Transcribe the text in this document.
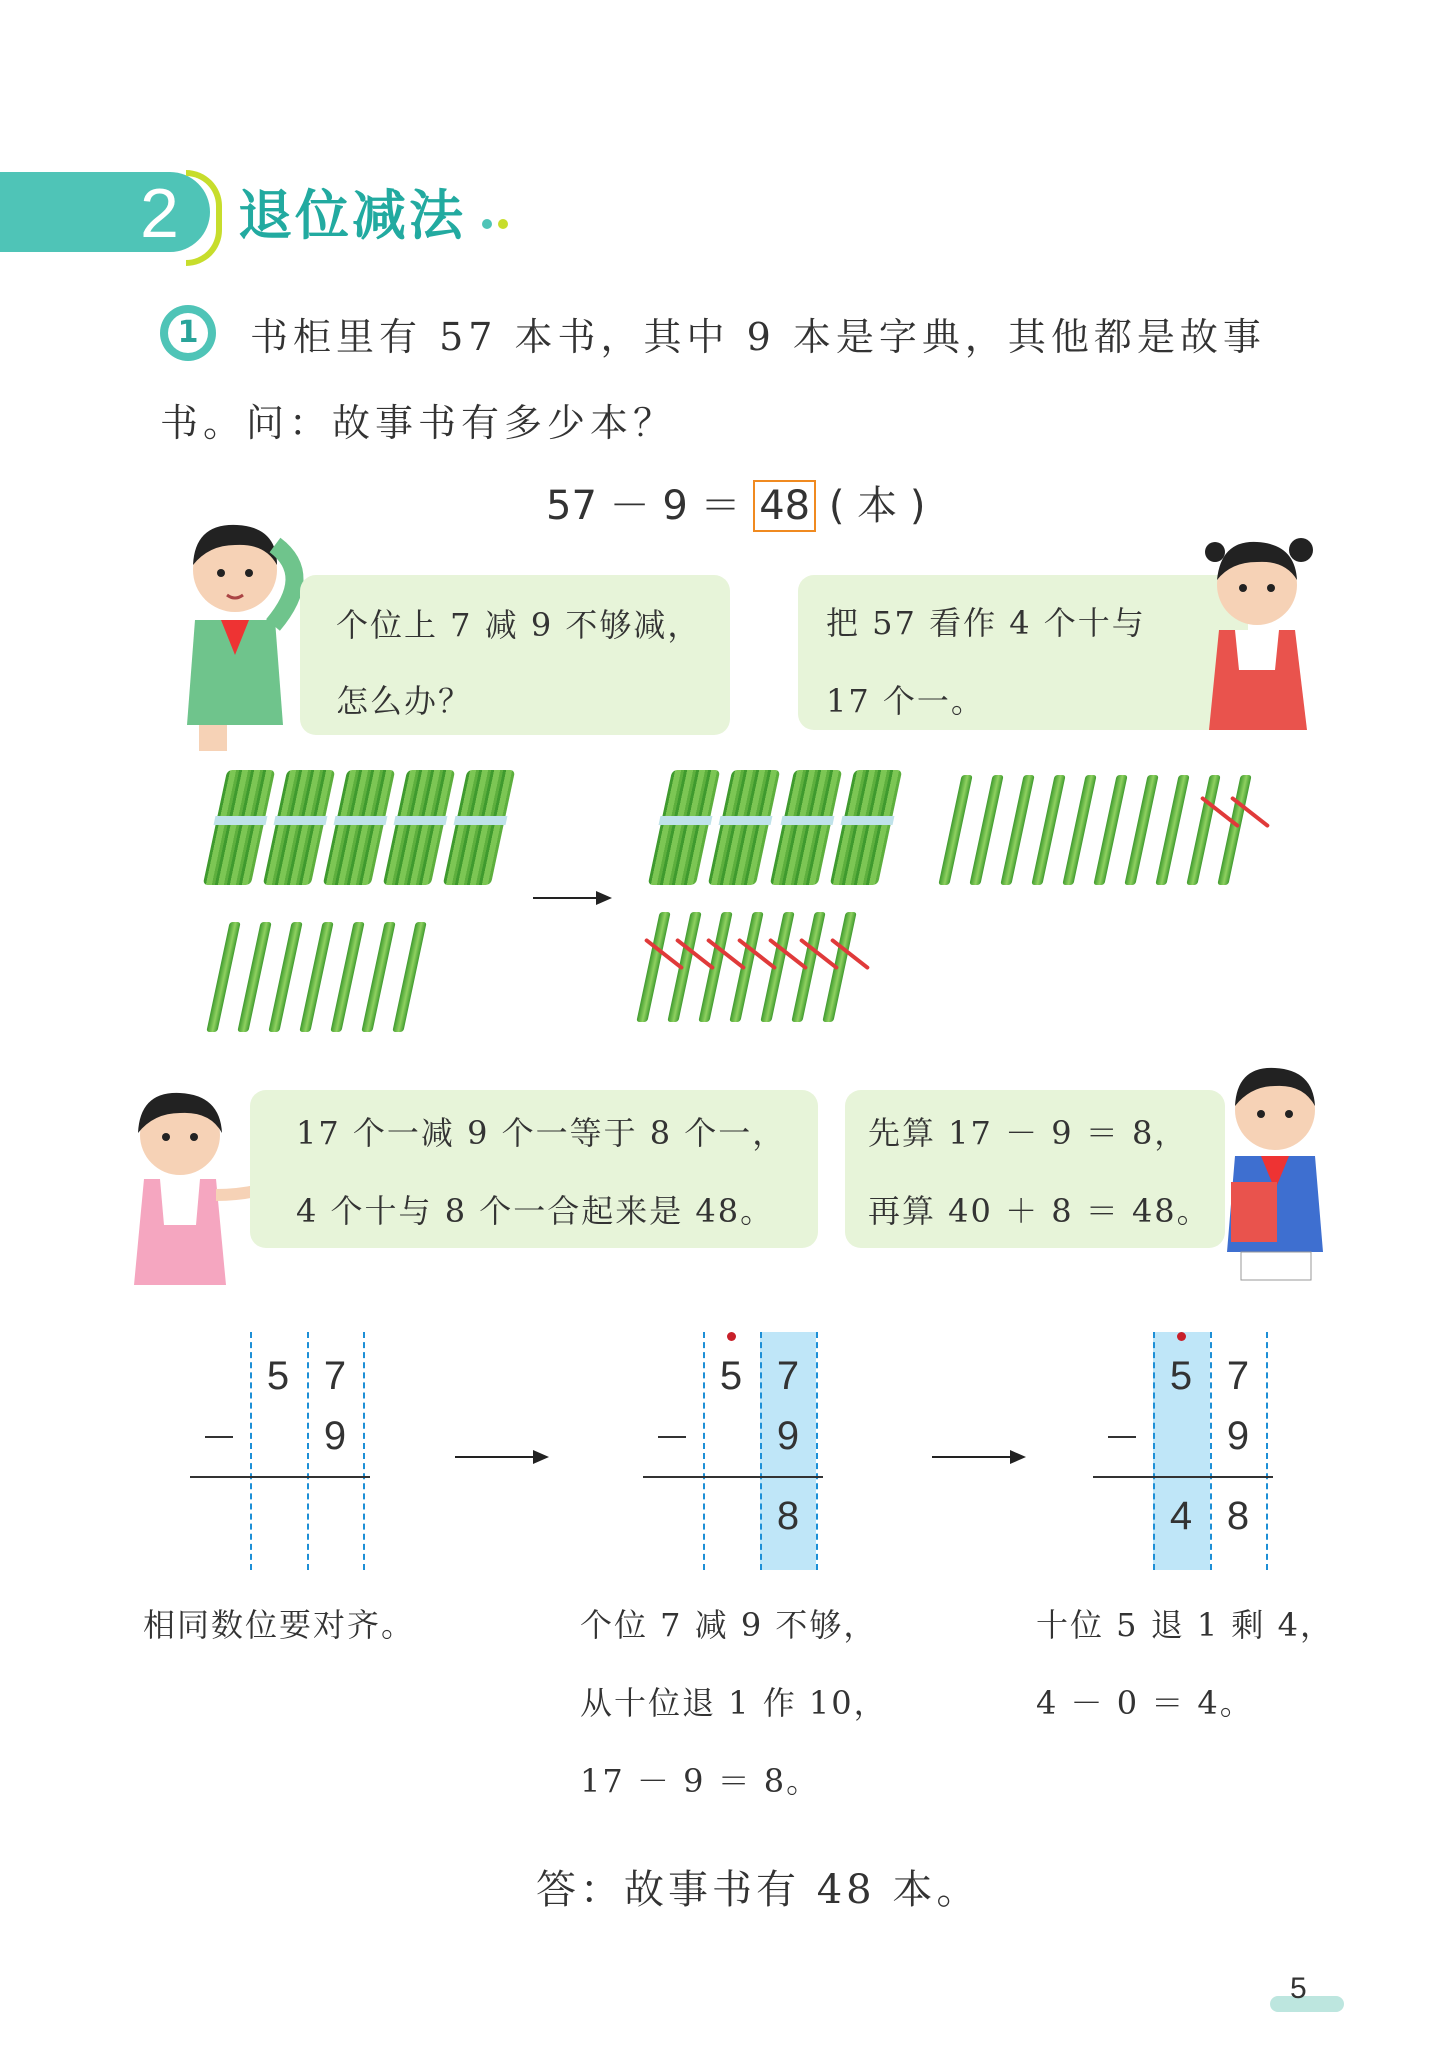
2 退位减法
1 书柜里有 57 本书，其中 9 本是字典，其他都是故事
书。问：故事书有多少本？
57 － 9 ＝ 48 ( 本 )
个位上 7 减 9 不够减，
怎么办？
把 57 看作 4 个十与
17 个一。
17 个一减 9 个一等于 8 个一，
4 个十与 8 个一合起来是 48。
先算 17 － 9 ＝ 8，
再算 40 ＋ 8 ＝ 48。
5 7
9
5 7
9
8
5 7
9
4 8
相同数位要对齐。	个位 7 减 9 不够，
从十位退 1 作 10，
17 － 9 ＝ 8。
十位 5 退 1 剩 4，
4 － 0 ＝ 4。
答：故事书有 48 本。
5
